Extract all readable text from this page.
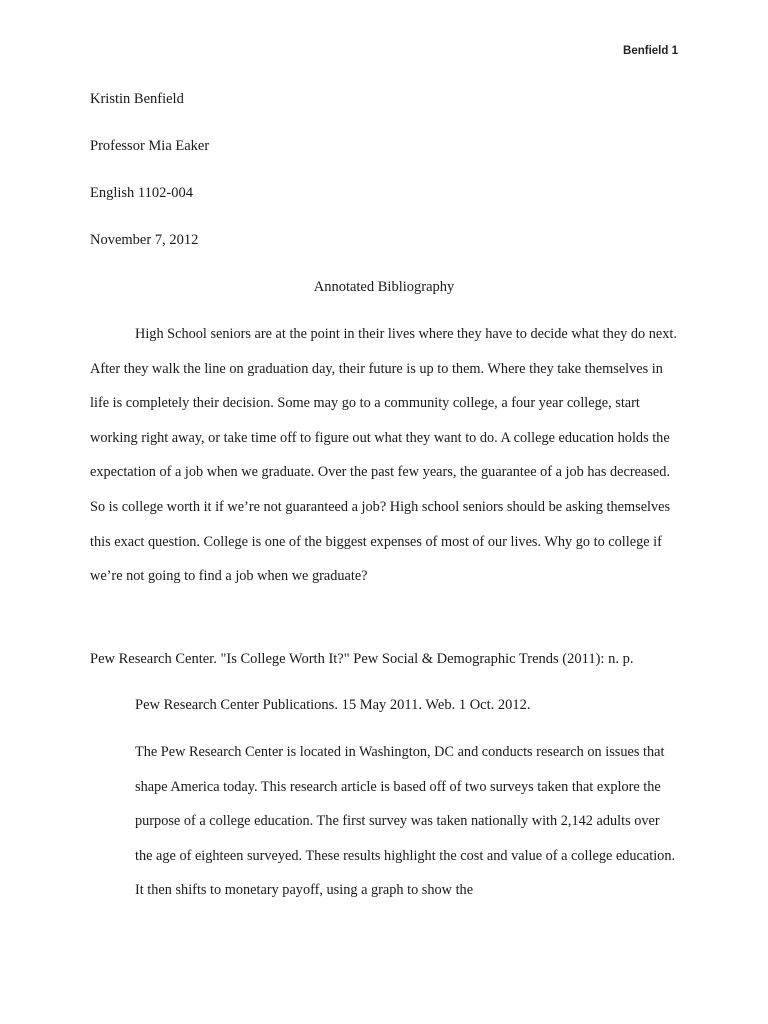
Benfield 1
Kristin Benfield
Professor Mia Eaker
English 1102-004
November 7, 2012
Annotated Bibliography
High School seniors are at the point in their lives where they have to decide what they do next. After they walk the line on graduation day, their future is up to them. Where they take themselves in life is completely their decision. Some may go to a community college, a four year college, start working right away, or take time off to figure out what they want to do. A college education holds the expectation of a job when we graduate. Over the past few years, the guarantee of a job has decreased. So is college worth it if we’re not guaranteed a job? High school seniors should be asking themselves this exact question. College is one of the biggest expenses of most of our lives. Why go to college if we’re not going to find a job when we graduate?
Pew Research Center. "Is College Worth It?" Pew Social & Demographic Trends (2011): n. p.
Pew Research Center Publications. 15 May 2011. Web. 1 Oct. 2012.
The Pew Research Center is located in Washington, DC and conducts research on issues that shape America today. This research article is based off of two surveys taken that explore the purpose of a college education. The first survey was taken nationally with 2,142 adults over the age of eighteen surveyed. These results highlight the cost and value of a college education. It then shifts to monetary payoff, using a graph to show the
